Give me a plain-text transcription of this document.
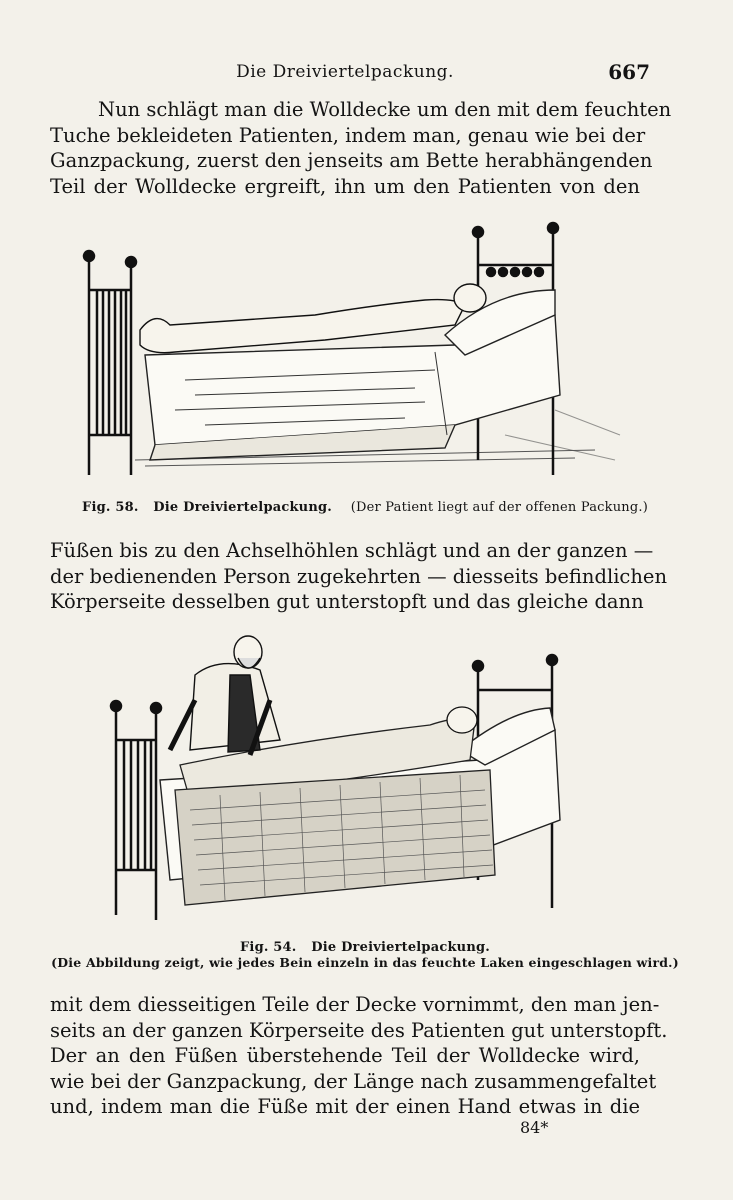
Die Dreiviertelpackung.	667
Nun schlägt man die Wolldecke um den mit dem feuchten
Tuche bekleideten Patienten, indem man, genau wie bei der
Ganzpackung, zuerst den jenseits am Bette herabhängenden
Teil der Wolldecke ergreift, ihn um den Patienten von den
Fig. 58. Die Dreiviertelpackung. (Der Patient liegt auf der offenen Packung.)
Füßen bis zu den Achselhöhlen schlägt und an der ganzen —
der bedienenden Person zugekehrten — diesseits befindlichen
Körperseite desselben gut unterstopft und das gleiche dann
Fig. 54. Die Dreiviertelpackung.
(Die Abbildung zeigt, wie jedes Bein einzeln in das feuchte Laken eingeschlagen wird.)
mit dem diesseitigen Teile der Decke vornimmt, den man jen-
seits an der ganzen Körperseite des Patienten gut unterstopft.
Der an den Füßen überstehende Teil der Wolldecke wird,
wie bei der Ganzpackung, der Länge nach zusammengefaltet
und, indem man die Füße mit der einen Hand etwas in die
84*
